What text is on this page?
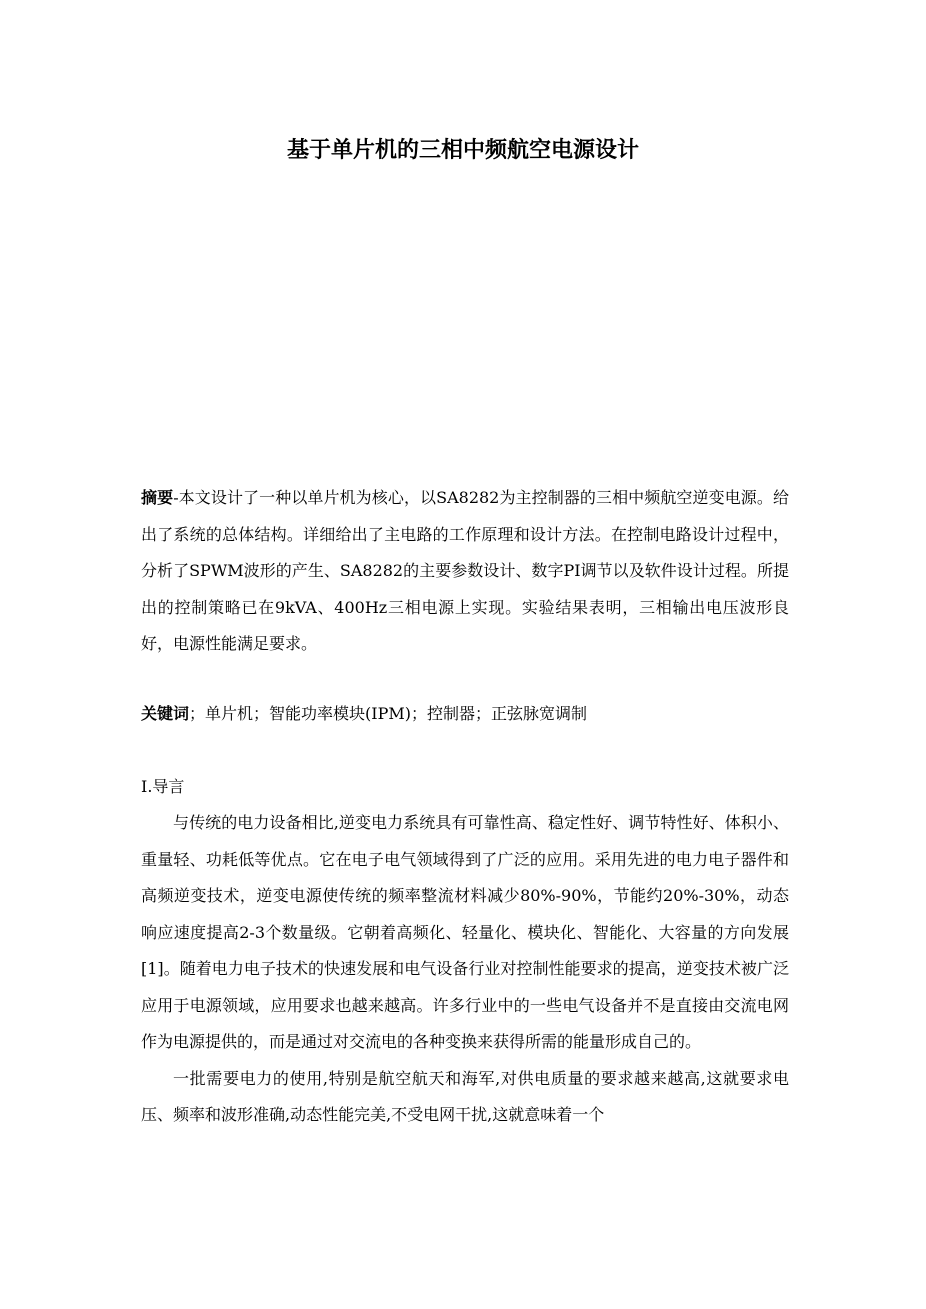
基于单片机的三相中频航空电源设计
摘要-本文设计了一种以单片机为核心，以SA8282为主控制器的三相中频航空逆变电源。给出了系统的总体结构。详细给出了主电路的工作原理和设计方法。在控制电路设计过程中，分析了SPWM波形的产生、SA8282的主要参数设计、数字PI调节以及软件设计过程。所提出的控制策略已在9kVA、400Hz三相电源上实现。实验结果表明，三相输出电压波形良好，电源性能满足要求。
关键词；单片机；智能功率模块(IPM)；控制器；正弦脉宽调制
I.导言

与传统的电力设备相比,逆变电力系统具有可靠性高、稳定性好、调节特性好、体积小、重量轻、功耗低等优点。它在电子电气领域得到了广泛的应用。采用先进的电力电子器件和高频逆变技术，逆变电源使传统的频率整流材料减少80%-90%，节能约20%-30%，动态响应速度提高2-3个数量级。它朝着高频化、轻量化、模块化、智能化、大容量的方向发展[1]。随着电力电子技术的快速发展和电气设备行业对控制性能要求的提高，逆变技术被广泛应用于电源领域，应用要求也越来越高。许多行业中的一些电气设备并不是直接由交流电网作为电源提供的，而是通过对交流电的各种变换来获得所需的能量形成自己的。

一批需要电力的使用,特别是航空航天和海军,对供电质量的要求越来越高,这就要求电压、频率和波形准确,动态性能完美,不受电网干扰,这就意味着一个
